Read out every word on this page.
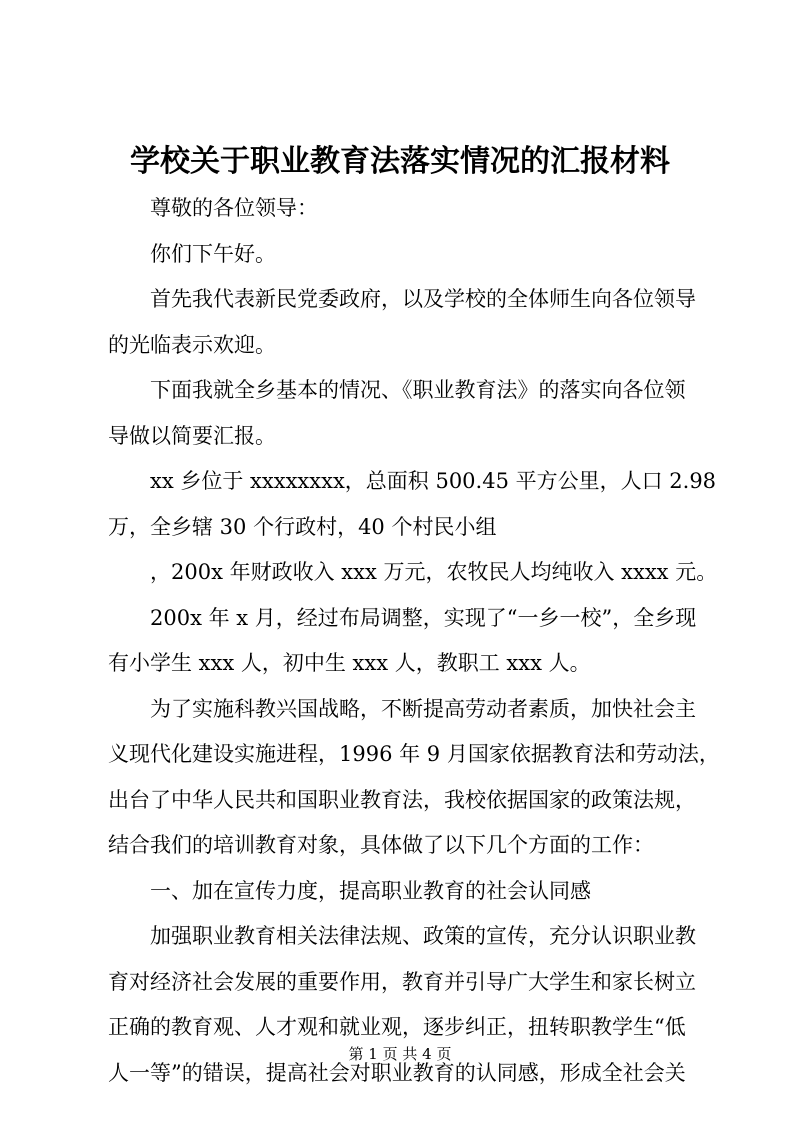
学校关于职业教育法落实情况的汇报材料

尊敬的各位领导：

你们下午好。

首先我代表新民党委政府，以及学校的全体师生向各位领导

的光临表示欢迎。

下面我就全乡基本的情况、《职业教育法》的落实向各位领

导做以简要汇报。

xx 乡位于 xxxxxxxx，总面积 500.45 平方公里，人口 2.98

万，全乡辖 30 个行政村，40 个村民小组

，200x 年财政收入 xxx 万元，农牧民人均纯收入 xxxx 元。

200x 年 x 月，经过布局调整，实现了“一乡一校”，全乡现

有小学生 xxx 人，初中生 xxx 人，教职工 xxx 人。

为了实施科教兴国战略，不断提高劳动者素质，加快社会主

义现代化建设实施进程，1996 年 9 月国家依据教育法和劳动法，

出台了中华人民共和国职业教育法，我校依据国家的政策法规，

结合我们的培训教育对象，具体做了以下几个方面的工作：

一、加在宣传力度，提高职业教育的社会认同感

加强职业教育相关法律法规、政策的宣传，充分认识职业教

育对经济社会发展的重要作用，教育并引导广大学生和家长树立

正确的教育观、人才观和就业观，逐步纠正，扭转职教学生“低

人一等”的错误，提高社会对职业教育的认同感，形成全社会关

第 1 页 共 4 页
